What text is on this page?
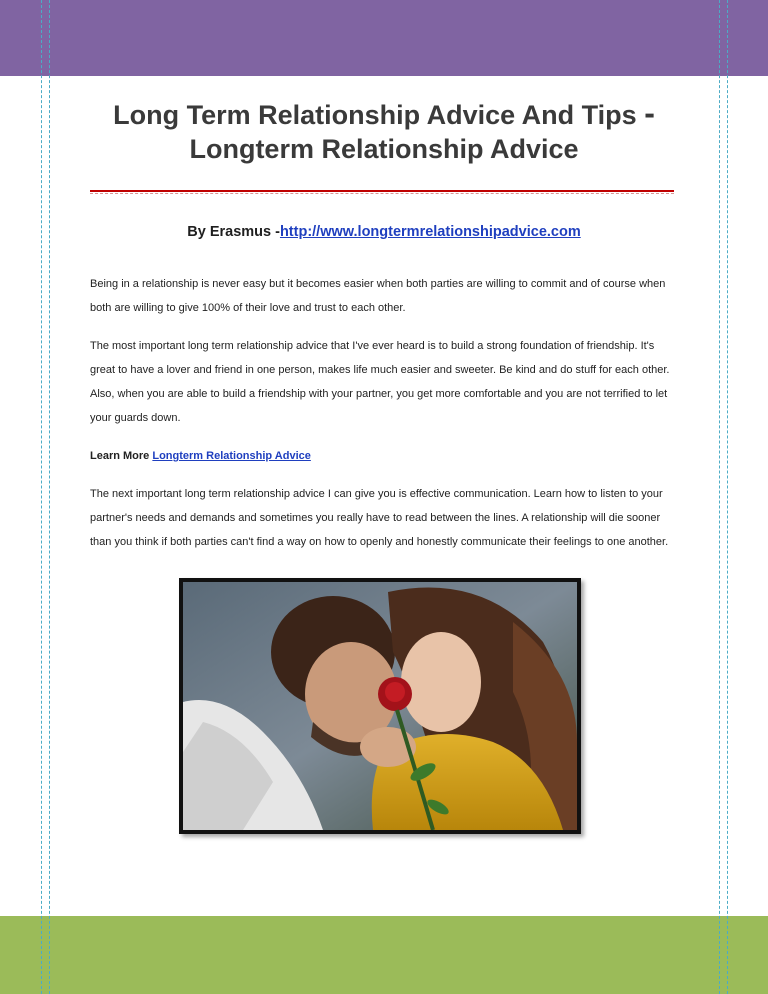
Long Term Relationship Advice And Tips -
Longterm Relationship Advice
By Erasmus -http://www.longtermrelationshipadvice.com

Being in a relationship is never easy but it becomes easier when both parties are willing to commit and of course when both are willing to give 100% of their love and trust to each other.

The most important long term relationship advice that I've ever heard is to build a strong foundation of friendship. It's great to have a lover and friend in one person, makes life much easier and sweeter. Be kind and do stuff for each other. Also, when you are able to build a friendship with your partner, you get more comfortable and you are not terrified to let your guards down.

Learn More Longterm Relationship Advice

The next important long term relationship advice I can give you is effective communication. Learn how to listen to your partner's needs and demands and sometimes you really have to read between the lines. A relationship will die sooner than you think if both parties can't find a way on how to openly and honestly communicate their feelings to one another.
